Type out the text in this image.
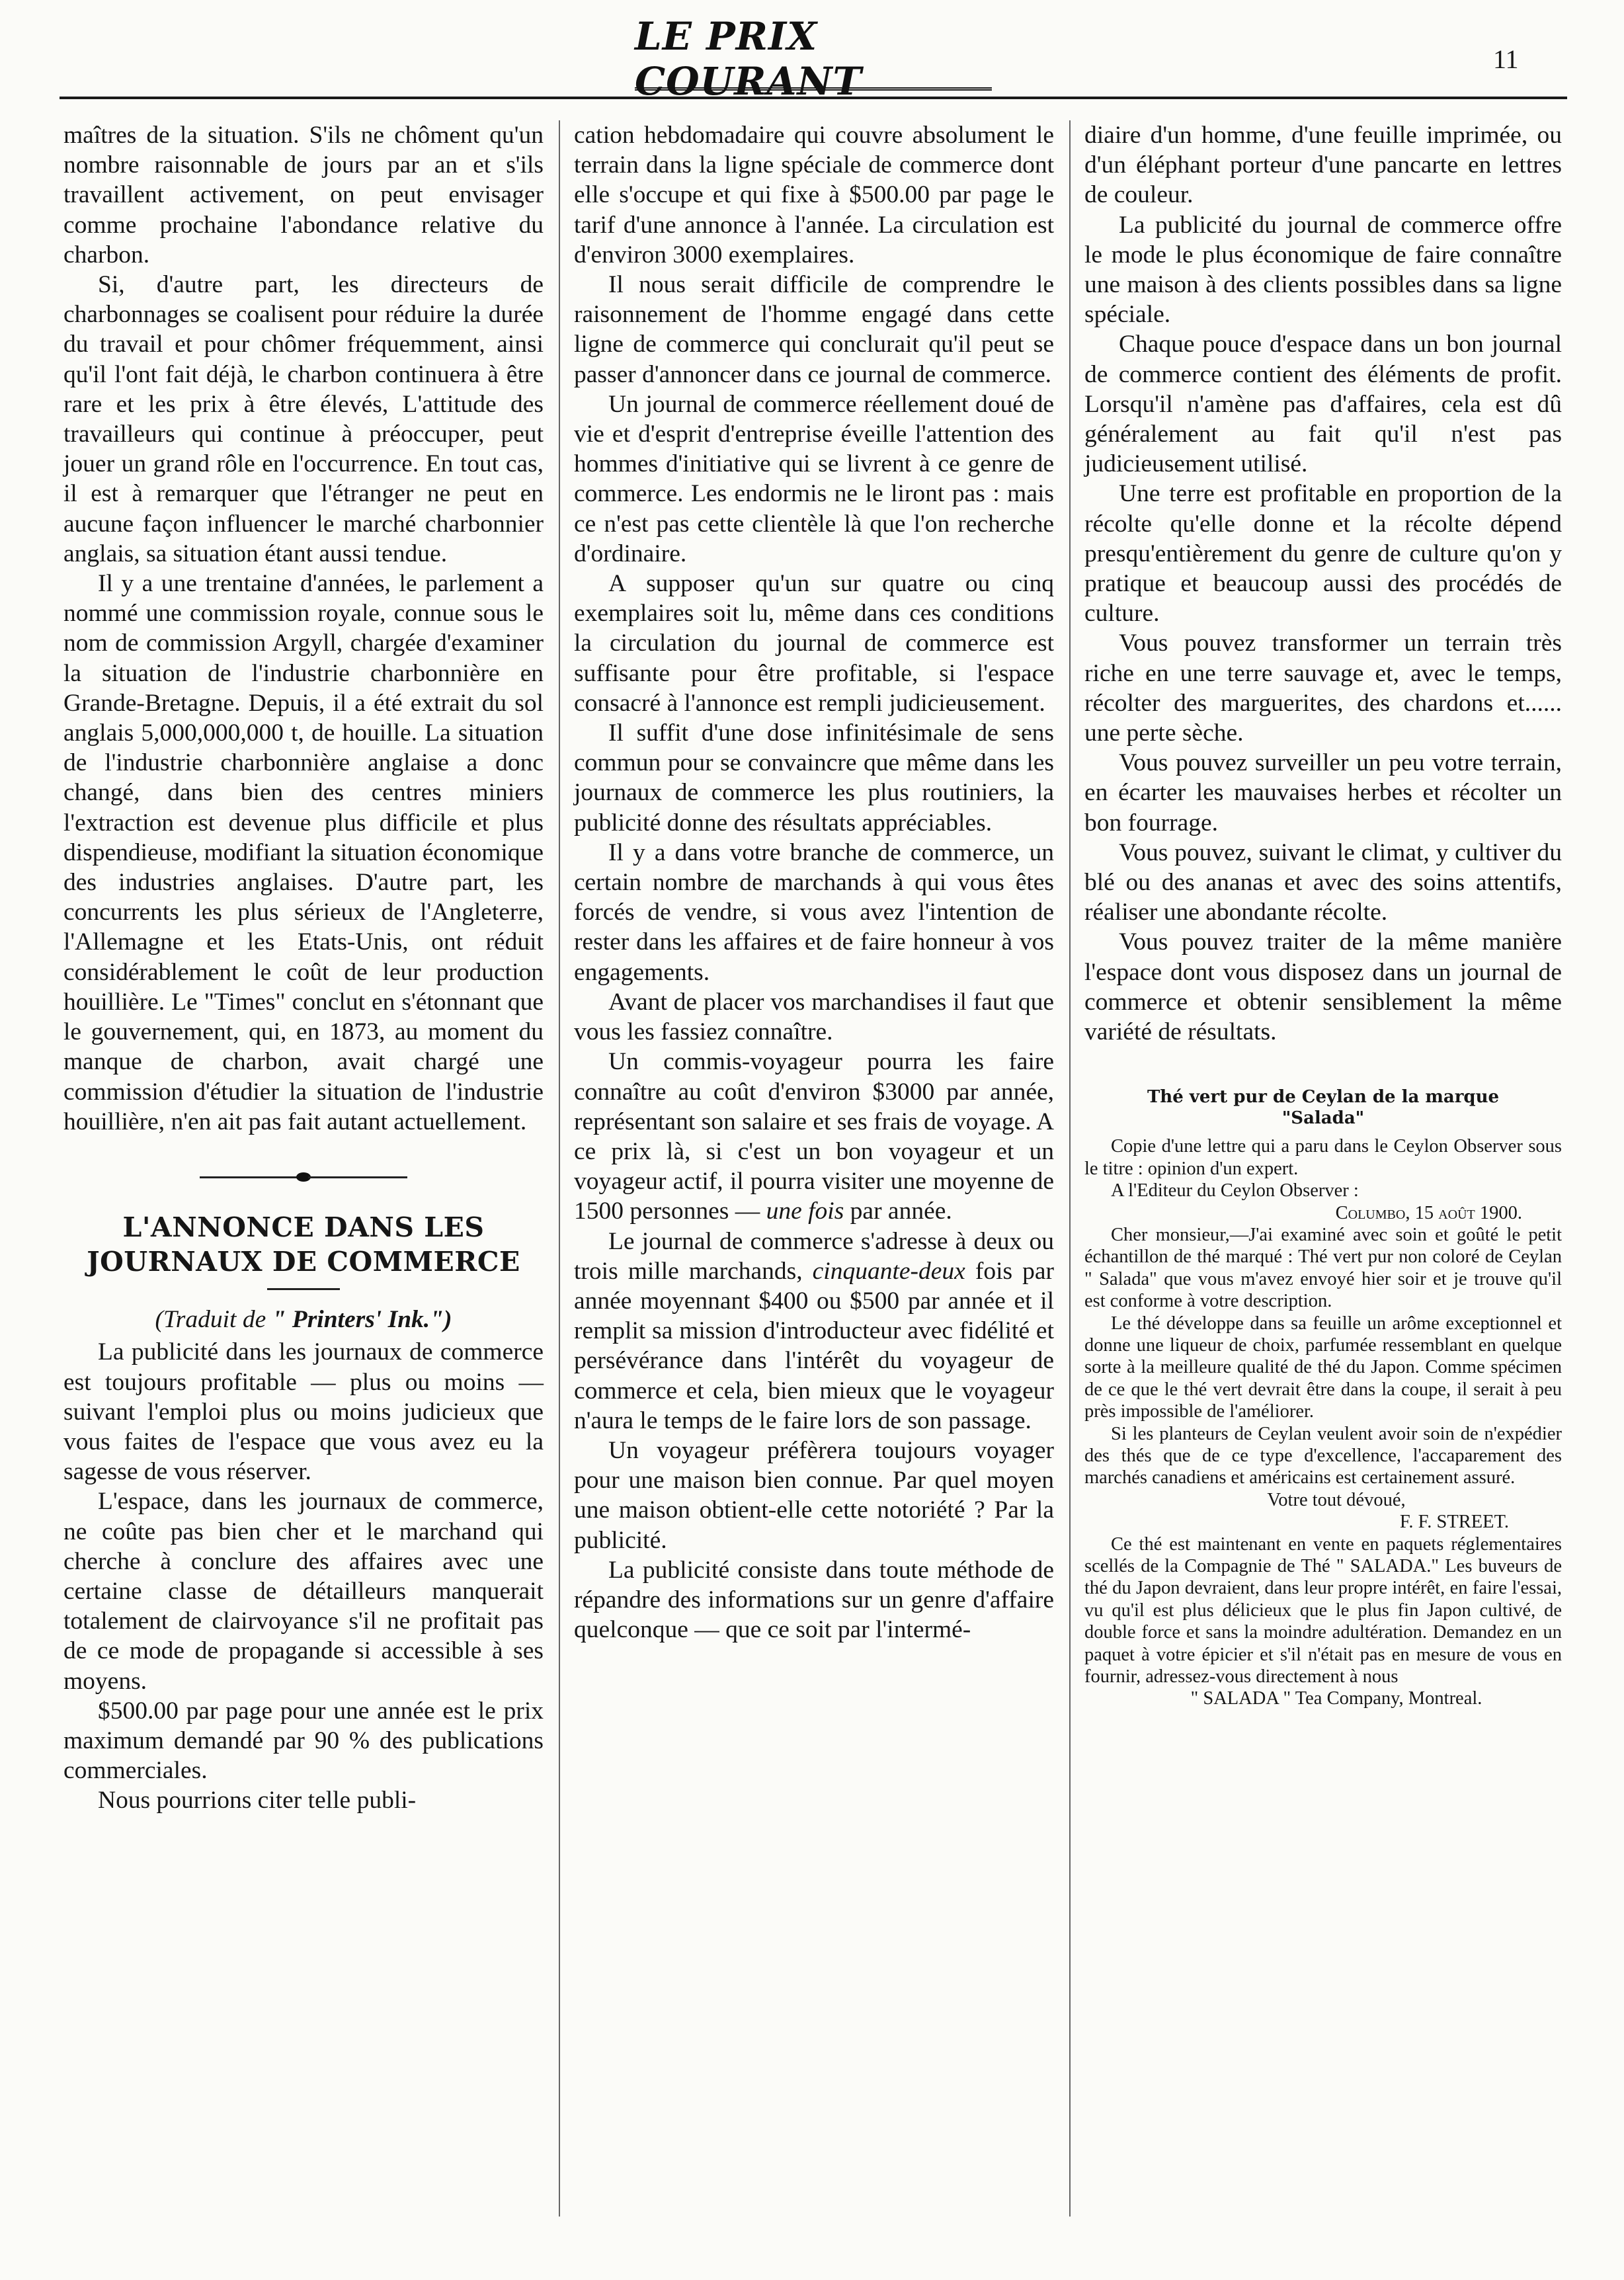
LE PRIX COURANT	11

maîtres de la situation. S'ils ne chôment qu'un nombre raisonnable de jours par an et s'ils travaillent activement, on peut envisager comme prochaine l'abondance relative du charbon.

Si, d'autre part, les directeurs de charbonnages se coalisent pour réduire la durée du travail et pour chômer fréquemment, ainsi qu'il l'ont fait déjà, le charbon continuera à être rare et les prix à être élevés, L'attitude des travailleurs qui continue à préoccuper, peut jouer un grand rôle en l'occurrence. En tout cas, il est à remarquer que l'étranger ne peut en aucune façon influencer le marché charbonnier anglais, sa situation étant aussi tendue.

Il y a une trentaine d'années, le parlement a nommé une commission royale, connue sous le nom de commission Argyll, chargée d'examiner la situation de l'industrie charbonnière en Grande-Bretagne. Depuis, il a été extrait du sol anglais 5,000,000,000 t, de houille. La situation de l'industrie charbonnière anglaise a donc changé, dans bien des centres miniers l'extraction est devenue plus difficile et plus dispendieuse, modifiant la situation économique des industries anglaises. D'autre part, les concurrents les plus sérieux de l'Angleterre, l'Allemagne et les Etats-Unis, ont réduit considérablement le coût de leur production houillière. Le "Times" conclut en s'étonnant que le gouvernement, qui, en 1873, au moment du manque de charbon, avait chargé une commission d'étudier la situation de l'industrie houillière, n'en ait pas fait autant actuellement.

L'ANNONCE DANS LES JOURNAUX DE COMMERCE

(Traduit de " Printers' Ink.")

La publicité dans les journaux de commerce est toujours profitable — plus ou moins — suivant l'emploi plus ou moins judicieux que vous faites de l'espace que vous avez eu la sagesse de vous réserver.

L'espace, dans les journaux de commerce, ne coûte pas bien cher et le marchand qui cherche à conclure des affaires avec une certaine classe de détailleurs manquerait totalement de clairvoyance s'il ne profitait pas de ce mode de propagande si accessible à ses moyens.

$500.00 par page pour une année est le prix maximum demandé par 90 % des publications commerciales.

Nous pourrions citer telle publi-

cation hebdomadaire qui couvre absolument le terrain dans la ligne spéciale de commerce dont elle s'occupe et qui fixe à $500.00 par page le tarif d'une annonce à l'année. La circulation est d'environ 3000 exemplaires.

Il nous serait difficile de comprendre le raisonnement de l'homme engagé dans cette ligne de commerce qui conclurait qu'il peut se passer d'annoncer dans ce journal de commerce.

Un journal de commerce réellement doué de vie et d'esprit d'entreprise éveille l'attention des hommes d'initiative qui se livrent à ce genre de commerce. Les endormis ne le liront pas : mais ce n'est pas cette clientèle là que l'on recherche d'ordinaire.

A supposer qu'un sur quatre ou cinq exemplaires soit lu, même dans ces conditions la circulation du journal de commerce est suffisante pour être profitable, si l'espace consacré à l'annonce est rempli judicieusement.

Il suffit d'une dose infinitésimale de sens commun pour se convaincre que même dans les journaux de commerce les plus routiniers, la publicité donne des résultats appréciables.

Il y a dans votre branche de commerce, un certain nombre de marchands à qui vous êtes forcés de vendre, si vous avez l'intention de rester dans les affaires et de faire honneur à vos engagements.

Avant de placer vos marchandises il faut que vous les fassiez connaître.

Un commis-voyageur pourra les faire connaître au coût d'environ $3000 par année, représentant son salaire et ses frais de voyage. A ce prix là, si c'est un bon voyageur et un voyageur actif, il pourra visiter une moyenne de 1500 personnes — une fois par année.

Le journal de commerce s'adresse à deux ou trois mille marchands, cinquante-deux fois par année moyennant $400 ou $500 par année et il remplit sa mission d'introducteur avec fidélité et persévérance dans l'intérêt du voyageur de commerce et cela, bien mieux que le voyageur n'aura le temps de le faire lors de son passage.

Un voyageur préfèrera toujours voyager pour une maison bien connue. Par quel moyen une maison obtient-elle cette notoriété ? Par la publicité.

La publicité consiste dans toute méthode de répandre des informations sur un genre d'affaire quelconque — que ce soit par l'intermé-

diaire d'un homme, d'une feuille imprimée, ou d'un éléphant porteur d'une pancarte en lettres de couleur.

La publicité du journal de commerce offre le mode le plus économique de faire connaître une maison à des clients possibles dans sa ligne spéciale.

Chaque pouce d'espace dans un bon journal de commerce contient des éléments de profit. Lorsqu'il n'amène pas d'affaires, cela est dû généralement au fait qu'il n'est pas judicieusement utilisé.

Une terre est profitable en proportion de la récolte qu'elle donne et la récolte dépend presqu'entièrement du genre de culture qu'on y pratique et beaucoup aussi des procédés de culture.

Vous pouvez transformer un terrain très riche en une terre sauvage et, avec le temps, récolter des marguerites, des chardons et...... une perte sèche.

Vous pouvez surveiller un peu votre terrain, en écarter les mauvaises herbes et récolter un bon fourrage.

Vous pouvez, suivant le climat, y cultiver du blé ou des ananas et avec des soins attentifs, réaliser une abondante récolte.

Vous pouvez traiter de la même manière l'espace dont vous disposez dans un journal de commerce et obtenir sensiblement la même variété de résultats.

Thé vert pur de Ceylan de la marque
"Salada"

Copie d'une lettre qui a paru dans le Ceylon Observer sous le titre : opinion d'un expert.

A l'Editeur du Ceylon Observer :

Columbo, 15 août 1900.

Cher monsieur,—J'ai examiné avec soin et goûté le petit échantillon de thé marqué : Thé vert pur non coloré de Ceylan " Salada" que vous m'avez envoyé hier soir et je trouve qu'il est conforme à votre description.

Le thé développe dans sa feuille un arôme exceptionnel et donne une liqueur de choix, parfumée ressemblant en quelque sorte à la meilleure qualité de thé du Japon. Comme spécimen de ce que le thé vert devrait être dans la coupe, il serait à peu près impossible de l'améliorer.

Si les planteurs de Ceylan veulent avoir soin de n'expédier des thés que de ce type d'excellence, l'accaparement des marchés canadiens et américains est certainement assuré.

Votre tout dévoué,

F. F. STREET.

Ce thé est maintenant en vente en paquets réglementaires scellés de la Compagnie de Thé " SALADA." Les buveurs de thé du Japon devraient, dans leur propre intérêt, en faire l'essai, vu qu'il est plus délicieux que le plus fin Japon cultivé, de double force et sans la moindre adultération. Demandez en un paquet à votre épicier et s'il n'était pas en mesure de vous en fournir, adressez-vous directement à nous

" SALADA " Tea Company, Montreal.
